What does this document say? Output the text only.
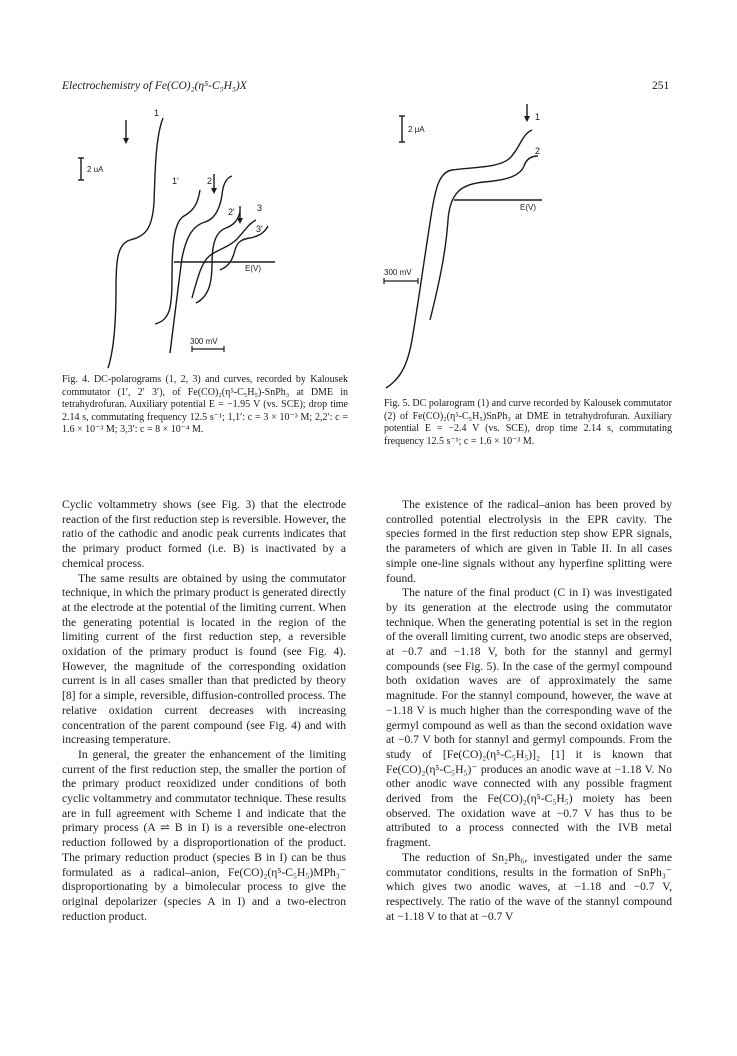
Electrochemistry of Fe(CO)₂(η⁵-C₅H₅)X	251
1
1'	2
2' 3
3'
2 uA
E(V)
300 mV
Fig. 4. DC-polarograms (1, 2, 3) and curves, recorded by Kalousek commutator (1′, 2′ 3′), of Fe(CO)₂(η⁵-C₅H₅)-SnPh₃ at DME in tetrahydrofuran. Auxiliary potential E = −1.95 V (vs. SCE); drop time 2.14 s, commutating frequency 12.5 s⁻¹; 1,1′: c = 3 × 10⁻³ M; 2,2′: c = 1.6 × 10⁻³ M; 3,3′: c = 8 × 10⁻⁴ M.
1
2
2 μA
E(V)
300 mV
Fig. 5. DC polarogram (1) and curve recorded by Kalousek commutator (2) of Fe(CO)₂(η⁵-C₅H₅)SnPh₃ at DME in tetrahydrofuran. Auxiliary potential E = −2.4 V (vs. SCE), drop time 2.14 s, commutating frequency 12.5 s⁻¹; c = 1.6 × 10⁻³ M.

Cyclic voltammetry shows (see Fig. 3) that the electrode reaction of the first reduction step is reversible. However, the ratio of the cathodic and anodic peak currents indicates that the primary product formed (i.e. B) is inactivated by a chemical process.

The same results are obtained by using the commutator technique, in which the primary product is generated directly at the electrode at the potential of the limiting current. When the generating potential is located in the region of the limiting current of the first reduction step, a reversible oxidation of the primary product is found (see Fig. 4). However, the magnitude of the corresponding oxidation current is in all cases smaller than that predicted by theory [8] for a simple, reversible, diffusion-controlled process. The relative oxidation current decreases with increasing concentration of the parent compound (see Fig. 4) and with increasing temperature.

In general, the greater the enhancement of the limiting current of the first reduction step, the smaller the portion of the primary product reoxidized under conditions of both cyclic voltammetry and commutator technique. These results are in full agreement with Scheme I and indicate that the primary process (A ⇌ B in I) is a reversible one-electron reduction followed by a disproportionation of the product. The primary reduction product (species B in I) can be thus formulated as a radical–anion, Fe(CO)₂(η⁵-C₅H₅)MPh₃⁻ disproportionating by a bimolecular process to give the original depolarizer (species A in I) and a two-electron reduction product.

The existence of the radical–anion has been proved by controlled potential electrolysis in the EPR cavity. The species formed in the first reduction step show EPR signals, the parameters of which are given in Table II. In all cases simple one-line signals without any hyperfine splitting were found.

The nature of the final product (C in I) was investigated by its generation at the electrode using the commutator technique. When the generating potential is set in the region of the overall limiting current, two anodic steps are observed, at −0.7 and −1.18 V, both for the stannyl and germyl compounds (see Fig. 5). In the case of the germyl compound both oxidation waves are of approximately the same magnitude. For the stannyl compound, however, the wave at −1.18 V is much higher than the corresponding wave of the germyl compound as well as than the second oxidation wave at −0.7 V both for stannyl and germyl compounds. From the study of [Fe(CO)₂(η⁵-C₅H₅)]₂ [1] it is known that Fe(CO)₂(η⁵-C₅H₅)⁻ produces an anodic wave at −1.18 V. No other anodic wave connected with any possible fragment derived from the Fe(CO)₂(η⁵-C₅H₅) moiety has been observed. The oxidation wave at −0.7 V has thus to be attributed to a process connected with the IVB metal fragment.

The reduction of Sn₂Ph₆, investigated under the same commutator conditions, results in the formation of SnPh₃⁻ which gives two anodic waves, at −1.18 and −0.7 V, respectively. The ratio of the wave of the stannyl compound at −1.18 V to that at −0.7 V
